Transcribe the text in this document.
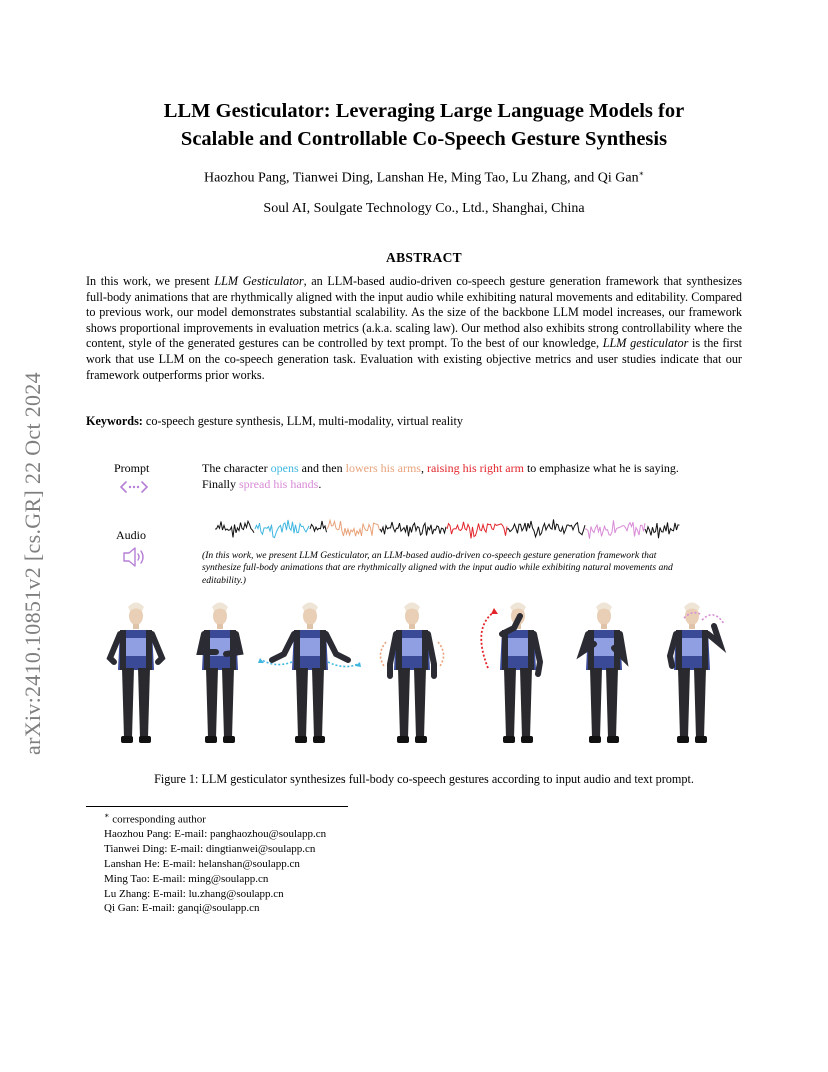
arXiv:2410.10851v2 [cs.GR] 22 Oct 2024
LLM Gesticulator: Leveraging Large Language Models for
Scalable and Controllable Co-Speech Gesture Synthesis
Haozhou Pang, Tianwei Ding, Lanshan He, Ming Tao, Lu Zhang, and Qi Gan∗
Soul AI, Soulgate Technology Co., Ltd., Shanghai, China
ABSTRACT
In this work, we present LLM Gesticulator, an LLM-based audio-driven co-speech gesture generation framework that synthesizes full-body animations that are rhythmically aligned with the input audio while exhibiting natural movements and editability. Compared to previous work, our model demonstrates substantial scalability. As the size of the backbone LLM model increases, our framework shows proportional improvements in evaluation metrics (a.k.a. scaling law). Our method also exhibits strong controllability where the content, style of the generated gestures can be controlled by text prompt. To the best of our knowledge, LLM gesticulator is the first work that use LLM on the co-speech generation task. Evaluation with existing objective metrics and user studies indicate that our framework outperforms prior works.
Keywords: co-speech gesture synthesis, LLM, multi-modality, virtual reality
Prompt	The character opens and then lowers his arms, raising his right arm to emphasize what he is saying. Finally spread his hands.
Audio
(In this work, we present LLM Gesticulator, an LLM-based audio-driven co-speech gesture generation framework that synthesize full-body animations that are rhythmically aligned with the input audio while exhibiting natural movements and editability.)
Figure 1: LLM gesticulator synthesizes full-body co-speech gestures according to input audio and text prompt.
∗ corresponding author
Haozhou Pang: E-mail: panghaozhou@soulapp.cn
Tianwei Ding: E-mail: dingtianwei@soulapp.cn
Lanshan He: E-mail: helanshan@soulapp.cn
Ming Tao: E-mail: ming@soulapp.cn
Lu Zhang: E-mail: lu.zhang@soulapp.cn
Qi Gan: E-mail: ganqi@soulapp.cn
